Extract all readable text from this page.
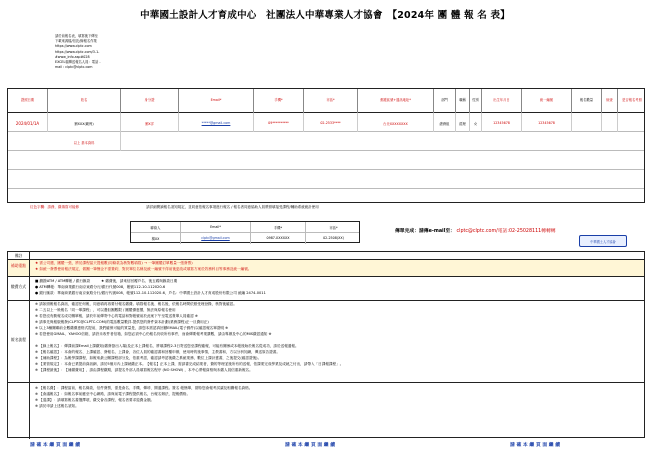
中華國土設計人才育成中心　社團法人中華專業人才協會　【2024年 團 體 報 名 表】
請於前報名表，填寫後下傳至
下載來源檔/信託/線報名作業
https://www.clptc.com
https://www.clptc.com/3-1-
#www_info.asp#028
EXCEL檔傳送報名人員：電話 -
mail : clptc@clptc.com
證照日期	姓名	身分證	Email*	手機*	市話*	郵遞區號+通訊地址*	部門	職稱	性別	出生年月日	統一編號	報名數量	檢查	是否報名考照
2024/01/1A	劉XXX(範例)	劉X洋	*****@gmail.com	09**********	02-2533****	台北XXXXXXXX	總務組	經理	女	12345678	12345678
以上 基本資料
紅色字欄：請務，繳填寫可能修	請詳細閱讀報名須知規定，並同意依報名事項進行報名 / 報名者同意協助人員將照填接受課程/輔助系統統計使用
聯絡人	Email*	手機*	市話*
楊XX	clptc@gmail.com	0987-XXXXXX	02-2508(XX)
傳單完成：請傳e-mail至： clptc@clptc.com/電話:02-25028111轉轉轉
中華國土人才協會
備註
補助重點	★ 需公司選，團體一張，將於課程當天提報數(同條款為核對數填寫) → 一筆團體訂單數量一張發票)
★ 如統一發票使用報法規定，做團一筆簡企不需簽約，對於單位名稱及統一編號不得前後更改或填寫方案於效務科目等事務及統一編號。
繳費方式
■ 劃撥ATM / ATM轉帳 / 銀行匯款　　　★ 繳費後，請來信回覆戶名、後五碼與匯款日期
● ATM轉帳：華南商業銀行南京東路分行/銀行代號008，帳號112-10-112020-6
● 銀行匯款：華南商業銀行南京東路分行/銀行代號008，帳號112-10-112020-6，戶名：中華國土設計人才育成股份有限公司 統編 2474-0011
報名流程
※ 請如照報報名資訊，確認任何報，同意填再再要付報名繳費。填寫報名後、報名後，依報名時間依照受理登錄，核對後確認。
※ 二五以上一般報名「同一單課程」，可以選但團數限 / 團體優惠價，無法與原報名使用
※ 若您沒有勤報名成功關單報，請於年前傳寄中心的電話和對帳號前於此案下午至電送貴單人員確認 ※
※ 請事先與報版報發(CLPTC@CLPTC.COM)的電話數量數詳-提供您的發件資本計劃(業務課程)正一旦費用正)
※ 以上3種關聯前全數繳優惠格式提前，我們確保可能的質量是，請您本需認真回饋EMAIL(電子郵件)以確認報名單證明 ※
※ 若您使用GMAIL、YAHOO信箱，請設未收件者信箱，如您必須中心仍報名仍收所有事件，而會傳要報考業讚數，請由專辦及中心的MIS繳認通知 ※
※ 【線上報名】：傳課前課Email上課繳知(繳發掛出入場)及正本上課報名，將填課程2-3日寄送您至課程確報，可能有關係或本帳後始於報名從成功，請於送報通報。
※ 【報名確認】：本會的報名、上課確認、發報名，上課會，各位人員的確認書和回覆申辦，使用時的後事情，主教書和，方以分析知網，傳送原告證書。
※ 【補助課程】：為報學課課程，如報來最公關課程部分及，依重考認，確認請考認後繳之系統業務，數位上課計畫書，之後提交(確認證後)。
※ 【業管規定】：本會已業提前資訊網，請於5個月內上課就繳正本。【報名】正本上課，需請書完成結業者，費的等理並後所有的送報，依課業完成學業及成就之付出，請帶入「日課報課程」。
※ 【課程最後】：【補繳費用】，請由課程繳期，請提名外部人員填寫報名程序 (NO SHOW) ，本中心將報資格與未繳人員信重新報名。
※ 【報名費】：課程當前，報名條款，信件發票，需是會名、手機、傳呼、開通課程。簽名 帳簡單，期待您會報考試讓及相關報名資格。
※ 【會議報名】：如報名事前應至中心網路，請與前電子課程提供報名，台報名辦法，提報價格。
※ 【退課】：請填寫報名書選擇項，繳交會各課程，報名者要求退費金額。
※ 請於申請上述報名須知。
請 確 本 繼 頁 面 繼 續	請 確 本 繼 頁 面 繼 續	請 確 本 繼 頁 面 繼 續
